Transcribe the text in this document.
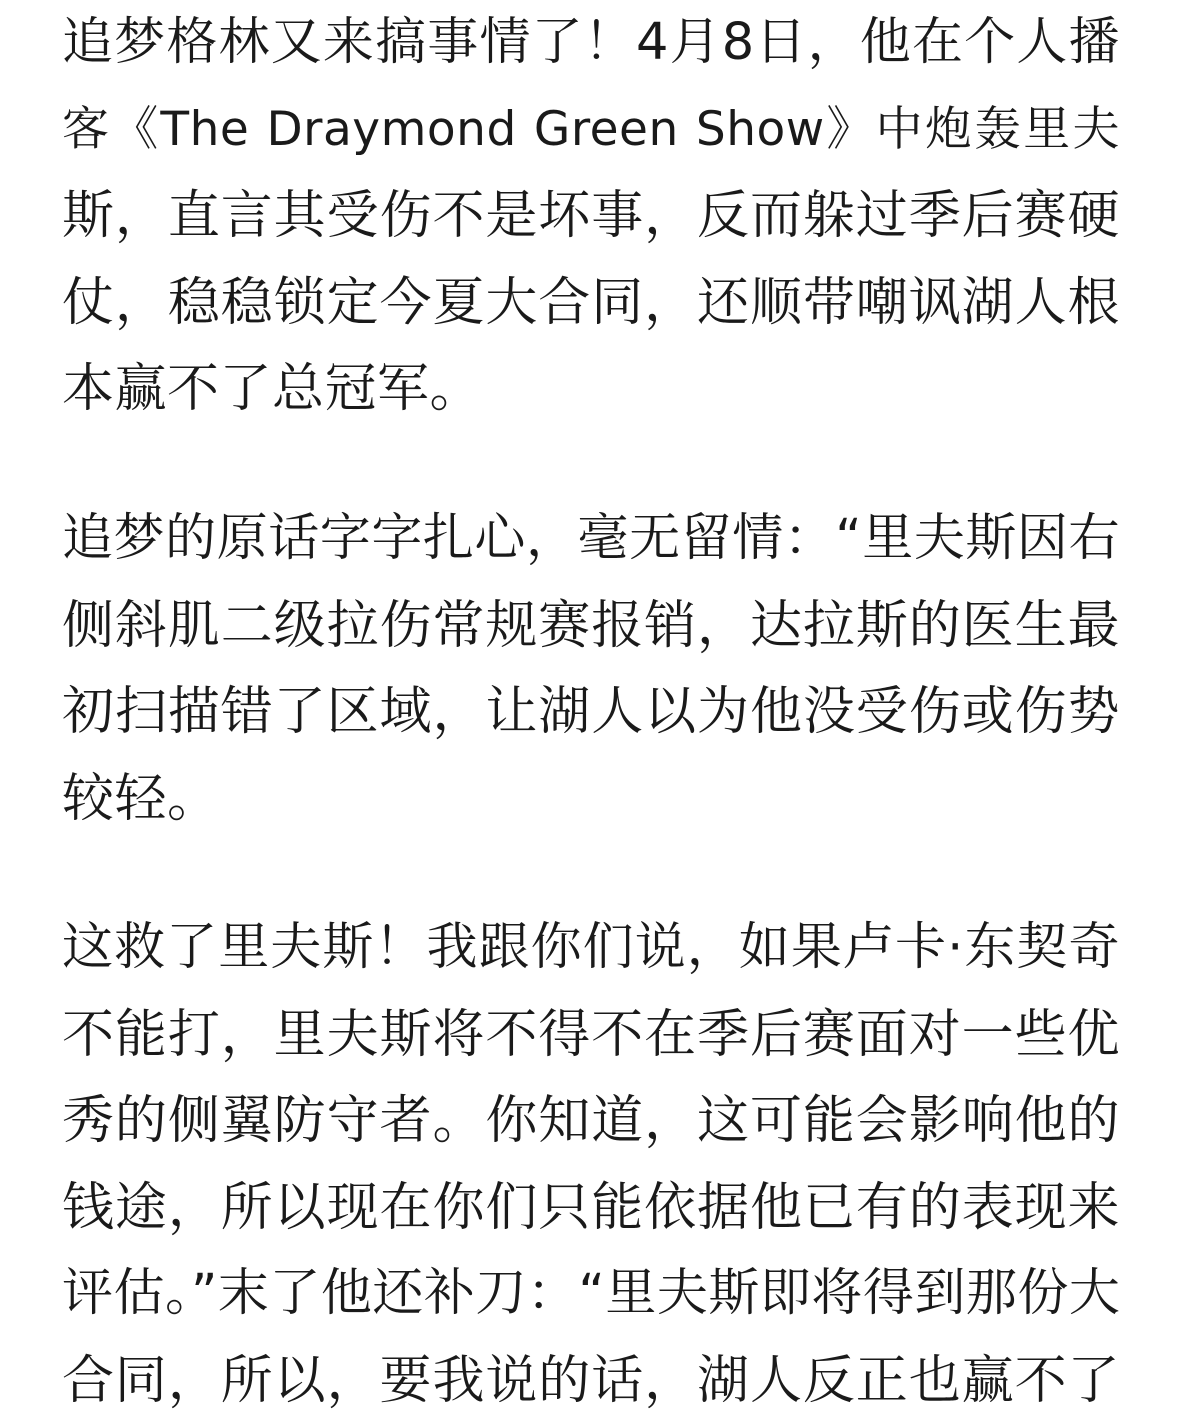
追梦格林又来搞事情了！4月8日，他在个人播
客《The Draymond Green Show》中炮轰里夫
斯，直言其受伤不是坏事，反而躲过季后赛硬
仗，稳稳锁定今夏大合同，还顺带嘲讽湖人根
本赢不了总冠军。
追梦的原话字字扎心，毫无留情：“里夫斯因右
侧斜肌二级拉伤常规赛报销，达拉斯的医生最
初扫描错了区域，让湖人以为他没受伤或伤势
较轻。
这救了里夫斯！我跟你们说，如果卢卡·东契奇
不能打，里夫斯将不得不在季后赛面对一些优
秀的侧翼防守者。你知道，这可能会影响他的
钱途，所以现在你们只能依据他已有的表现来
评估。”末了他还补刀：“里夫斯即将得到那份大
合同，所以，要我说的话，湖人反正也赢不了
